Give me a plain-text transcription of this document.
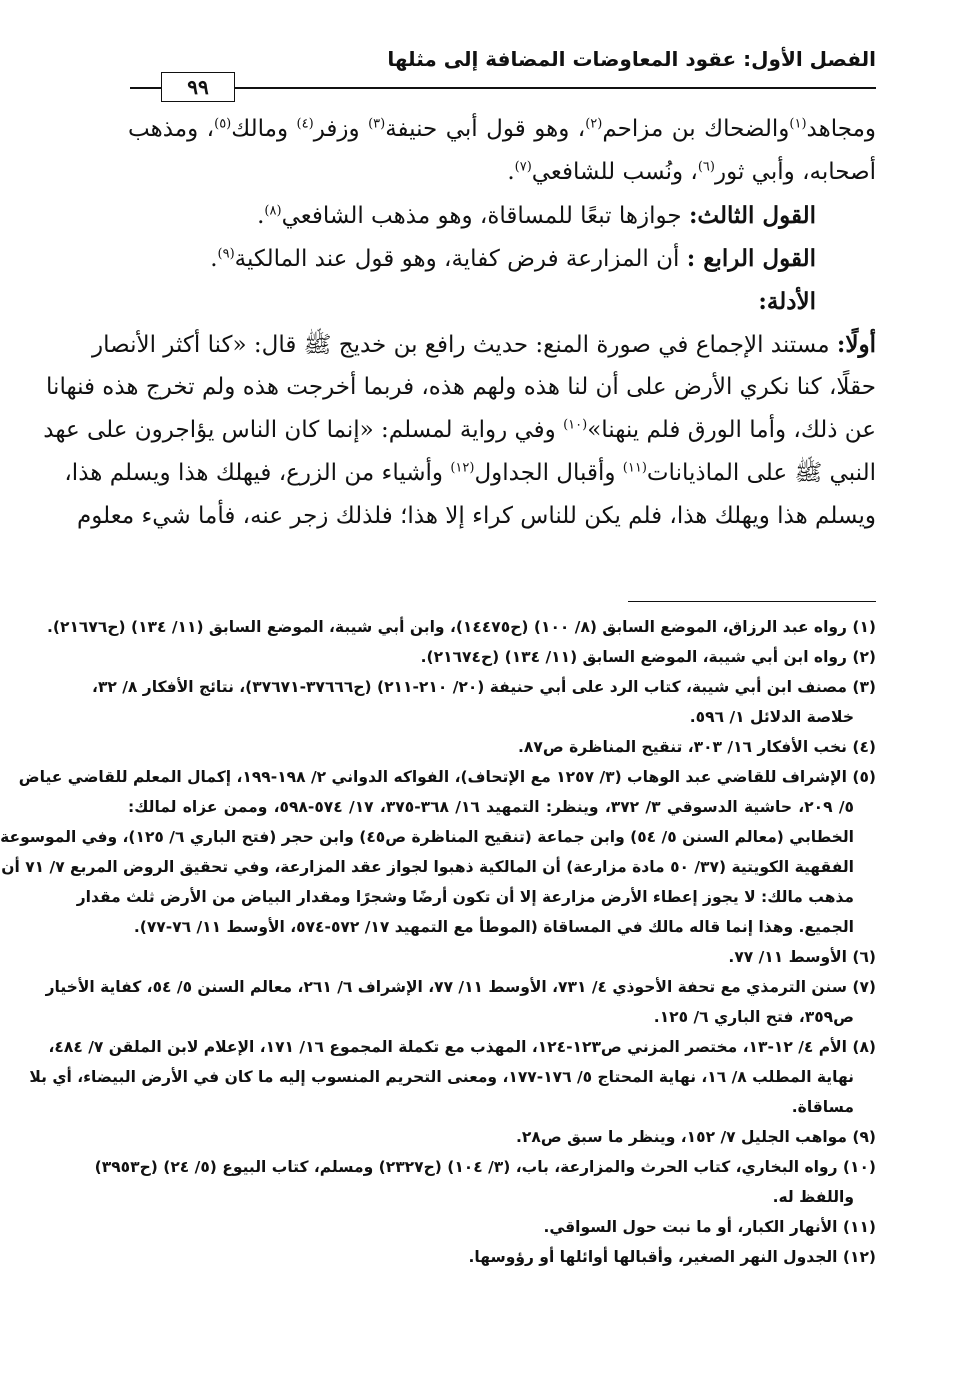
الفصل الأول: عقود المعاوضات المضافة إلى مثلها
٩٩
ومجاهد$^{(١)}$والضحاك بن مزاحم$^{(٢)}$، وهو قول أبي حنيفة$^{(٣)}$ وزفر$^{(٤)}$ ومالك$^{(٥)}$، ومذهب
أصحابه، وأبي ثور$^{(٦)}$، ونُسب للشافعي$^{(٧)}$.
القول الثالث: جوازها تبعًا للمساقاة، وهو مذهب الشافعي$^{(٨)}$.
القول الرابع : أن المزارعة فرض كفاية، وهو قول عند المالكية$^{(٩)}$.
الأدلة:
أولًا: مستند الإجماع في صورة المنع: حديث رافع بن خديج ﷺ قال: «كنا أكثر الأنصار
حقلًا، كنا نكري الأرض على أن لنا هذه ولهم هذه، فربما أخرجت هذه ولم تخرج هذه فنهانا
عن ذلك، وأما الورق فلم ينهنا»$^{(١٠)}$ وفي رواية لمسلم: «إنما كان الناس يؤاجرون على عهد
النبي ﷺ على الماذيانات$^{(١١)}$ وأقبال الجداول$^{(١٢)}$ وأشياء من الزرع، فيهلك هذا ويسلم هذا،
ويسلم هذا ويهلك هذا، فلم يكن للناس كراء إلا هذا؛ فلذلك زجر عنه، فأما شيء معلوم
(١) رواه عبد الرزاق، الموضع السابق (٨/ ١٠٠) (ح١٤٤٧٥)، وابن أبي شيبة، الموضع السابق (١١/ ١٣٤) (ح٢١٦٧٦).
(٢) رواه ابن أبي شيبة، الموضع السابق (١١/ ١٣٤) (ح٢١٦٧٤).
(٣) مصنف ابن أبي شيبة، كتاب الرد على أبي حنيفة (٢٠/ ٢١٠-٢١١) (ح٣٧٦٦٦-٣٧٦٧١)، نتائج الأفكار ٨/ ٣٢،
خلاصة الدلائل ١/ ٥٩٦.
(٤) نخب الأفكار ١٦/ ٣٠٣، تنقيح المناظرة ص٨٧.
(٥) الإشراف للقاضي عبد الوهاب (٣/ ١٢٥٧ مع الإتحاف)، الفواكه الدواني ٢/ ١٩٨-١٩٩، إكمال المعلم للقاضي عياض
٥/ ٢٠٩، حاشية الدسوقي ٣/ ٣٧٢، وينظر: التمهيد ١٦/ ٣٦٨-٣٧٥، ١٧/ ٥٧٤-٥٩٨، وممن عزاه لمالك:
الخطابي (معالم السنن ٥/ ٥٤) وابن جماعة (تنقيح المناظرة ص٤٥) وابن حجر (فتح الباري ٦/ ١٢٥)، وفي الموسوعة
الفقهية الكويتية (٣٧/ ٥٠ مادة مزارعة) أن المالكية ذهبوا لجواز عقد المزارعة، وفي تحقيق الروض المربع ٧/ ٧١ أن
مذهب مالك: لا يجوز إعطاء الأرض مزارعة إلا أن تكون أرضًا وشجرًا ومقدار البياض من الأرض ثلث مقدار
الجميع. وهذا إنما قاله مالك في المساقاة (الموطأ مع التمهيد ١٧/ ٥٧٢-٥٧٤، الأوسط ١١/ ٧٦-٧٧).
(٦) الأوسط ١١/ ٧٧.
(٧) سنن الترمذي مع تحفة الأحوذي ٤/ ٧٣١، الأوسط ١١/ ٧٧، الإشراف ٦/ ٢٦١، معالم السنن ٥/ ٥٤، كفاية الأخيار
ص٣٥٩، فتح الباري ٦/ ١٢٥.
(٨) الأم ٤/ ١٢-١٣، مختصر المزني ص١٢٣-١٢٤، المهذب مع تكملة المجموع ١٦/ ١٧١، الإعلام لابن الملقن ٧/ ٤٨٤،
نهاية المطلب ٨/ ١٦، نهاية المحتاج ٥/ ١٧٦-١٧٧، ومعنى التحريم المنسوب إليه ما كان في الأرض البيضاء، أي بلا
مساقاة.
(٩) مواهب الجليل ٧/ ١٥٢، وينظر ما سبق ص٢٨.
(١٠) رواه البخاري، كتاب الحرث والمزارعة، باب، (٣/ ١٠٤) (ح٢٣٢٧) ومسلم، كتاب البيوع (٥/ ٢٤) (ح٣٩٥٣)
واللفظ له.
(١١) الأنهار الكبار، أو ما نبت حول السواقي.
(١٢) الجدول النهر الصغير، وأقبالها أوائلها أو رؤوسها.
